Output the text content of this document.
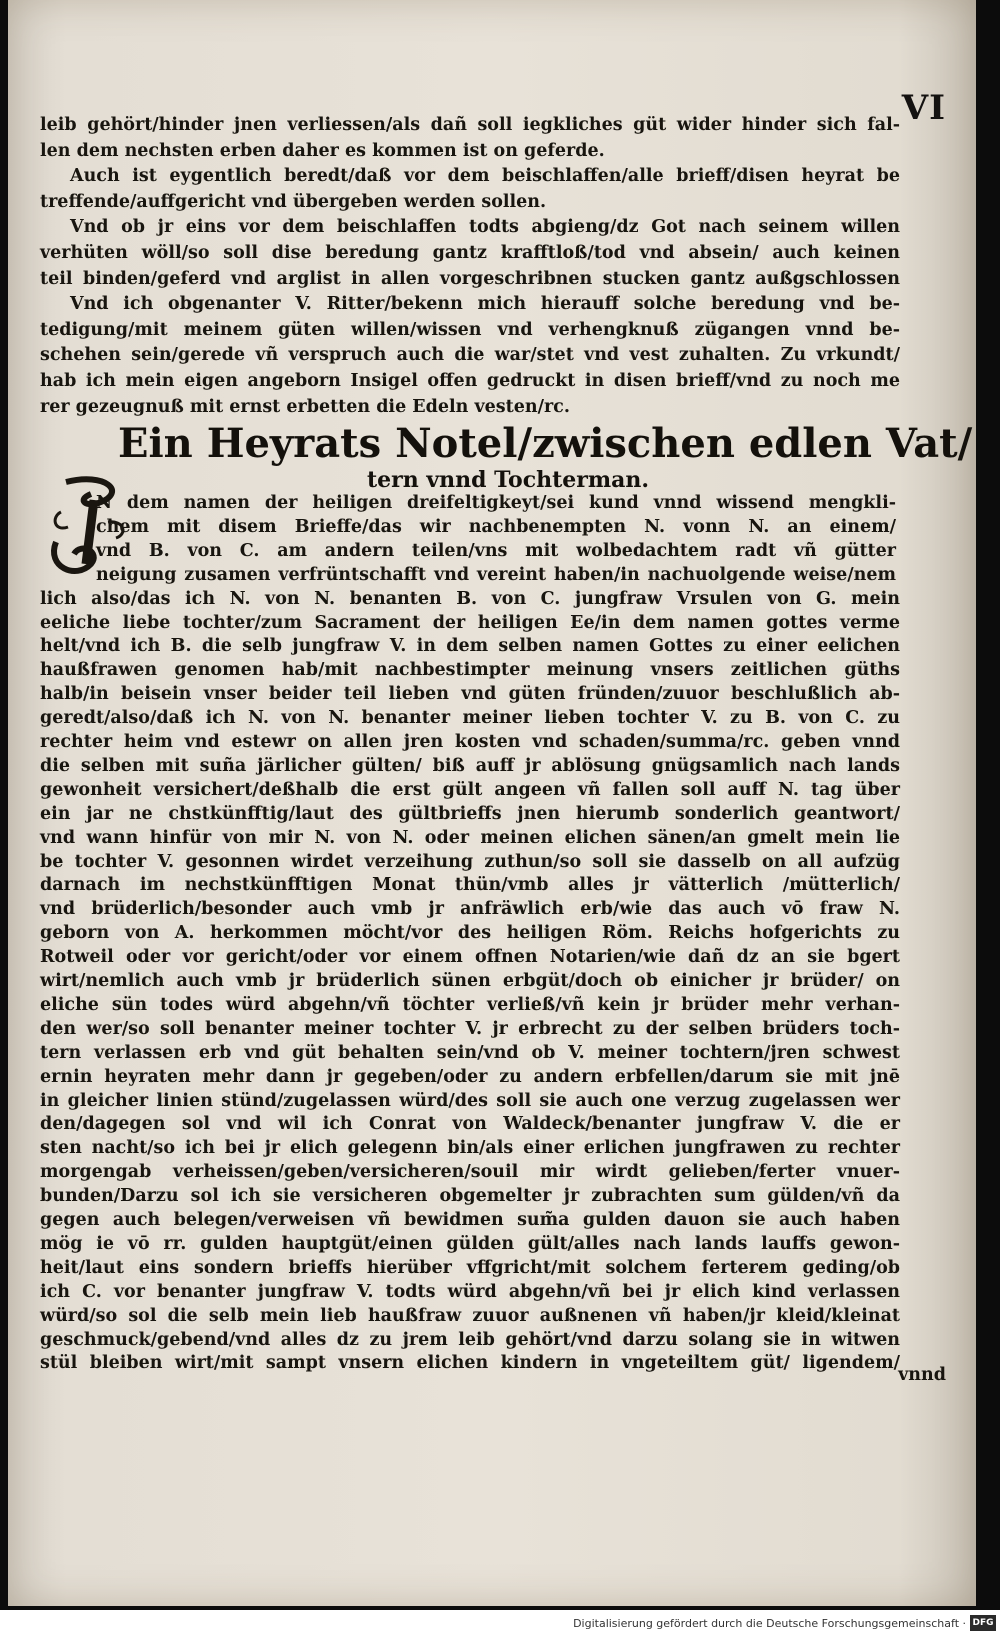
VI
Ein Heyrats Notel/zwischen edlen Vat/
tern vnnd Tochterman.
vnnd
leib gehört/hinder jnen verliessen/als dañ soll iegkliches güt wider hinder sich fal-
len dem nechsten erben daher es kommen ist on geferde.
Auch ist eygentlich beredt/daß vor dem beischlaffen/alle brieff/disen heyrat be
treffende/auffgericht vnd übergeben werden sollen.
Vnd ob jr eins vor dem beischlaffen todts abgieng/dz Got nach seinem willen
verhüten wöll/so soll dise beredung gantz krafftloß/tod vnd absein/ auch keinen
teil binden/geferd vnd arglist in allen vorgeschribnen stucken gantz außgschlossen
Vnd ich obgenanter V. Ritter/bekenn mich hierauff solche beredung vnd be-
tedigung/mit meinem güten willen/wissen vnd verhengknuß zügangen vnnd be-
schehen sein/gerede vñ verspruch auch die war/stet vnd vest zuhalten. Zu vrkundt/
hab ich mein eigen angeborn Insigel offen gedruckt in disen brieff/vnd zu noch me
rer gezeugnuß mit ernst erbetten die Edeln vesten/rc.
N dem namen der heiligen dreifeltigkeyt/sei kund vnnd wissend mengkli-
chem mit disem Brieffe/das wir nachbenempten N. vonn N. an einem/
vnd B. von C. am andern teilen/vns mit wolbedachtem radt vñ gütter
neigung zusamen verfrüntschafft vnd vereint haben/in nachuolgende weise/nem
lich also/das ich N. von N. benanten B. von C. jungfraw Vrsulen von G. mein
eeliche liebe tochter/zum Sacrament der heiligen Ee/in dem namen gottes verme
helt/vnd ich B. die selb jungfraw V. in dem selben namen Gottes zu einer eelichen
haußfrawen genomen hab/mit nachbestimpter meinung vnsers zeitlichen güths
halb/in beisein vnser beider teil lieben vnd güten fründen/zuuor beschlußlich ab-
geredt/also/daß ich N. von N. benanter meiner lieben tochter V. zu B. von C. zu
rechter heim vnd estewr on allen jren kosten vnd schaden/summa/rc. geben vnnd
die selben mit suña järlicher gülten/ biß auff jr ablösung gnügsamlich nach lands
gewonheit versichert/deßhalb die erst gült angeen vñ fallen soll auff N. tag über
ein jar ne chstkünfftig/laut des gültbrieffs jnen hierumb sonderlich geantwort/
vnd wann hinfür von mir N. von N. oder meinen elichen sänen/an gmelt mein lie
be tochter V. gesonnen wirdet verzeihung zuthun/so soll sie dasselb on all aufzüg
darnach im nechstkünfftigen Monat thün/vmb alles jr vätterlich /mütterlich/
vnd brüderlich/besonder auch vmb jr anfräwlich erb/wie das auch vō fraw N.
geborn von A. herkommen möcht/vor des heiligen Röm. Reichs hofgerichts zu
Rotweil oder vor gericht/oder vor einem offnen Notarien/wie dañ dz an sie bgert
wirt/nemlich auch vmb jr brüderlich sünen erbgüt/doch ob einicher jr brüder/ on
eliche sün todes würd abgehn/vñ töchter verließ/vñ kein jr brüder mehr verhan-
den wer/so soll benanter meiner tochter V. jr erbrecht zu der selben brüders toch-
tern verlassen erb vnd güt behalten sein/vnd ob V. meiner tochtern/jren schwest
ernin heyraten mehr dann jr gegeben/oder zu andern erbfellen/darum sie mit jnē
in gleicher linien stünd/zugelassen würd/des soll sie auch one verzug zugelassen wer
den/dagegen sol vnd wil ich Conrat von Waldeck/benanter jungfraw V. die er
sten nacht/so ich bei jr elich gelegenn bin/als einer erlichen jungfrawen zu rechter
morgengab verheissen/geben/versicheren/souil mir wirdt gelieben/ferter vnuer-
bunden/Darzu sol ich sie versicheren obgemelter jr zubrachten sum gülden/vñ da
gegen auch belegen/verweisen vñ bewidmen sum̃a gulden dauon sie auch haben
mög ie vō rr. gulden hauptgüt/einen gülden gült/alles nach lands lauffs gewon-
heit/laut eins sondern brieffs hierüber vffgricht/mit solchem ferterem geding/ob
ich C. vor benanter jungfraw V. todts würd abgehn/vñ bei jr elich kind verlassen
würd/so sol die selb mein lieb haußfraw zuuor außnenen vñ haben/jr kleid/kleinat
geschmuck/gebend/vnd alles dz zu jrem leib gehört/vnd darzu solang sie in witwen
stül bleiben wirt/mit sampt vnsern elichen kindern in vngeteiltem güt/ ligendem/
Digitalisierung gefördert durch die Deutsche Forschungsgemeinschaft · DFG
